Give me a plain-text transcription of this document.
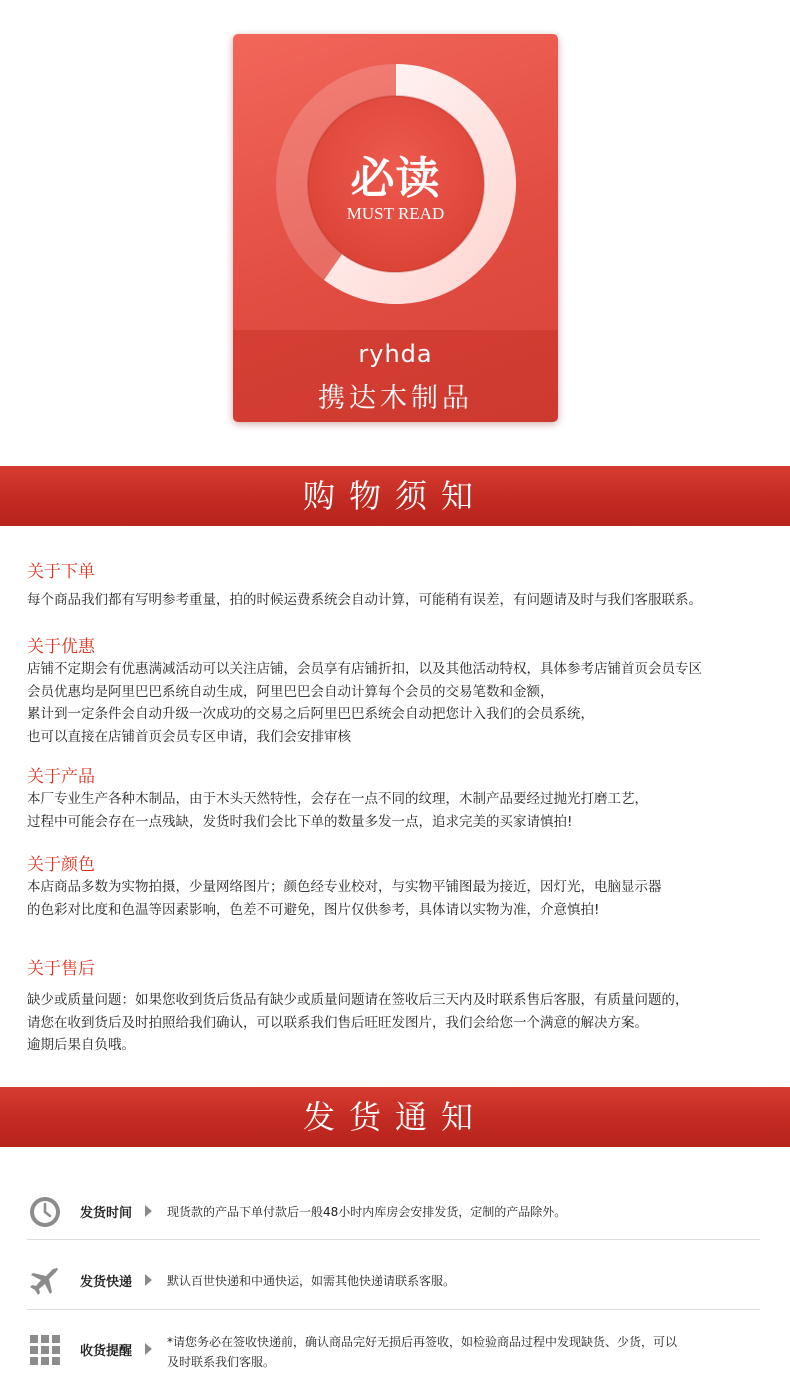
必读
MUST READ
ryhda
携达木制品
购物须知
关于下单
每个商品我们都有写明参考重量，拍的时候运费系统会自动计算，可能稍有误差，有问题请及时与我们客服联系。
关于优惠
店铺不定期会有优惠满减活动可以关注店铺，会员享有店铺折扣，以及其他活动特权，具体参考店铺首页会员专区
会员优惠均是阿里巴巴系统自动生成，阿里巴巴会自动计算每个会员的交易笔数和金额，
累计到一定条件会自动升级一次成功的交易之后阿里巴巴系统会自动把您计入我们的会员系统，
也可以直接在店铺首页会员专区申请，我们会安排审核
关于产品
本厂专业生产各种木制品，由于木头天然特性，会存在一点不同的纹理，木制产品要经过抛光打磨工艺，
过程中可能会存在一点残缺，发货时我们会比下单的数量多发一点，追求完美的买家请慎拍!
关于颜色
本店商品多数为实物拍摄，少量网络图片；颜色经专业校对，与实物平铺图最为接近，因灯光，电脑显示器
的色彩对比度和色温等因素影响，色差不可避免，图片仅供参考，具体请以实物为准，介意慎拍!
关于售后
缺少或质量问题：如果您收到货后货品有缺少或质量问题请在签收后三天内及时联系售后客服，有质量问题的，
请您在收到货后及时拍照给我们确认，可以联系我们售后旺旺发图片，我们会给您一个满意的解决方案。
逾期后果自负哦。
发货通知
发货时间	现货款的产品下单付款后一般48小时内库房会安排发货，定制的产品除外。
发货快递	默认百世快递和中通快运，如需其他快递请联系客服。
收货提醒
*请您务必在签收快递前，确认商品完好无损后再签收，如检验商品过程中发现缺货、少货，可以
及时联系我们客服。
